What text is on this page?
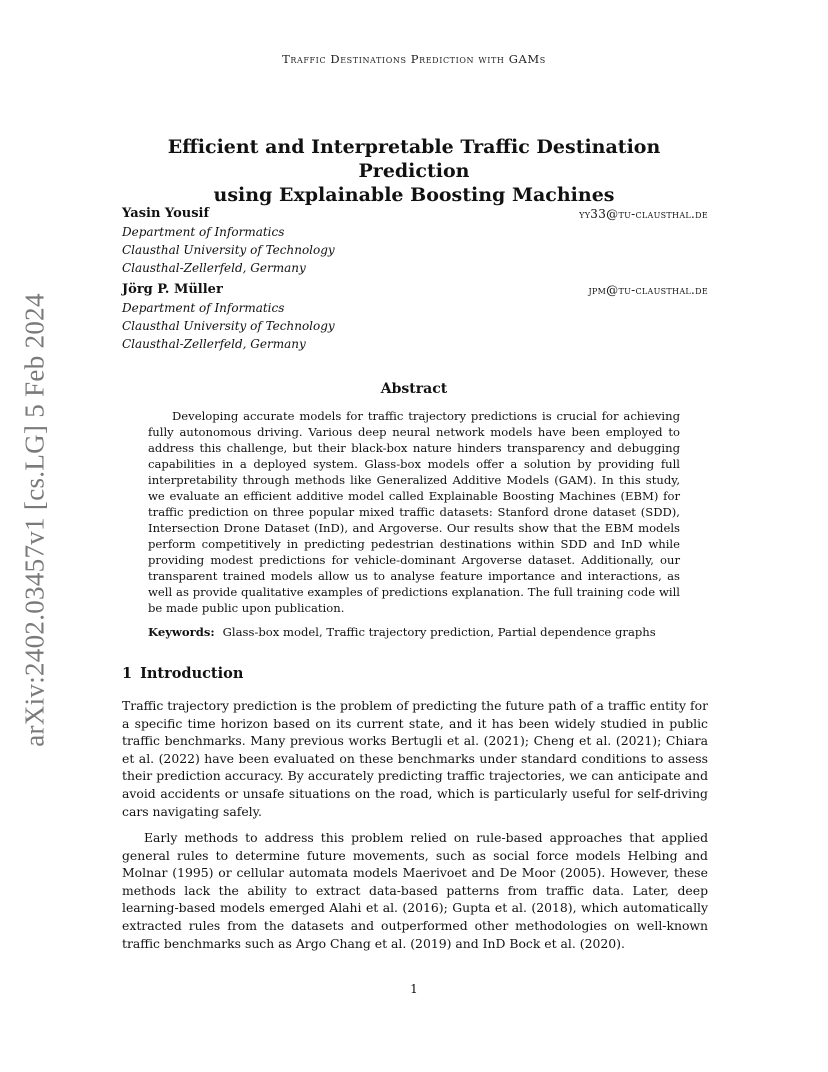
Traffic Destinations Prediction with GAMs
arXiv:2402.03457v1 [cs.LG] 5 Feb 2024
Efficient and Interpretable Traffic Destination Prediction
using Explainable Boosting Machines
Yasin Yousif	yy33@tu-clausthal.de
Department of Informatics
Clausthal University of Technology
Clausthal-Zellerfeld, Germany
Jörg P. Müller	jpm@tu-clausthal.de
Department of Informatics
Clausthal University of Technology
Clausthal-Zellerfeld, Germany
Abstract
Developing accurate models for traffic trajectory predictions is crucial for achieving fully autonomous driving. Various deep neural network models have been employed to address this challenge, but their black-box nature hinders transparency and debugging capabilities in a deployed system. Glass-box models offer a solution by providing full interpretability through methods like Generalized Additive Models (GAM). In this study, we evaluate an efficient additive model called Explainable Boosting Machines (EBM) for traffic prediction on three popular mixed traffic datasets: Stanford drone dataset (SDD), Intersection Drone Dataset (InD), and Argoverse. Our results show that the EBM models perform competitively in predicting pedestrian destinations within SDD and InD while providing modest predictions for vehicle-dominant Argoverse dataset. Additionally, our transparent trained models allow us to analyse feature importance and interactions, as well as provide qualitative examples of predictions explanation. The full training code will be made public upon publication.
Keywords: Glass-box model, Traffic trajectory prediction, Partial dependence graphs
1 Introduction
Traffic trajectory prediction is the problem of predicting the future path of a traffic entity for a specific time horizon based on its current state, and it has been widely studied in public traffic benchmarks. Many previous works Bertugli et al. (2021); Cheng et al. (2021); Chiara et al. (2022) have been evaluated on these benchmarks under standard conditions to assess their prediction accuracy. By accurately predicting traffic trajectories, we can anticipate and avoid accidents or unsafe situations on the road, which is particularly useful for self-driving cars navigating safely.
Early methods to address this problem relied on rule-based approaches that applied general rules to determine future movements, such as social force models Helbing and Molnar (1995) or cellular automata models Maerivoet and De Moor (2005). However, these methods lack the ability to extract data-based patterns from traffic data. Later, deep learning-based models emerged Alahi et al. (2016); Gupta et al. (2018), which automatically extracted rules from the datasets and outperformed other methodologies on well-known traffic benchmarks such as Argo Chang et al. (2019) and InD Bock et al. (2020).
1
